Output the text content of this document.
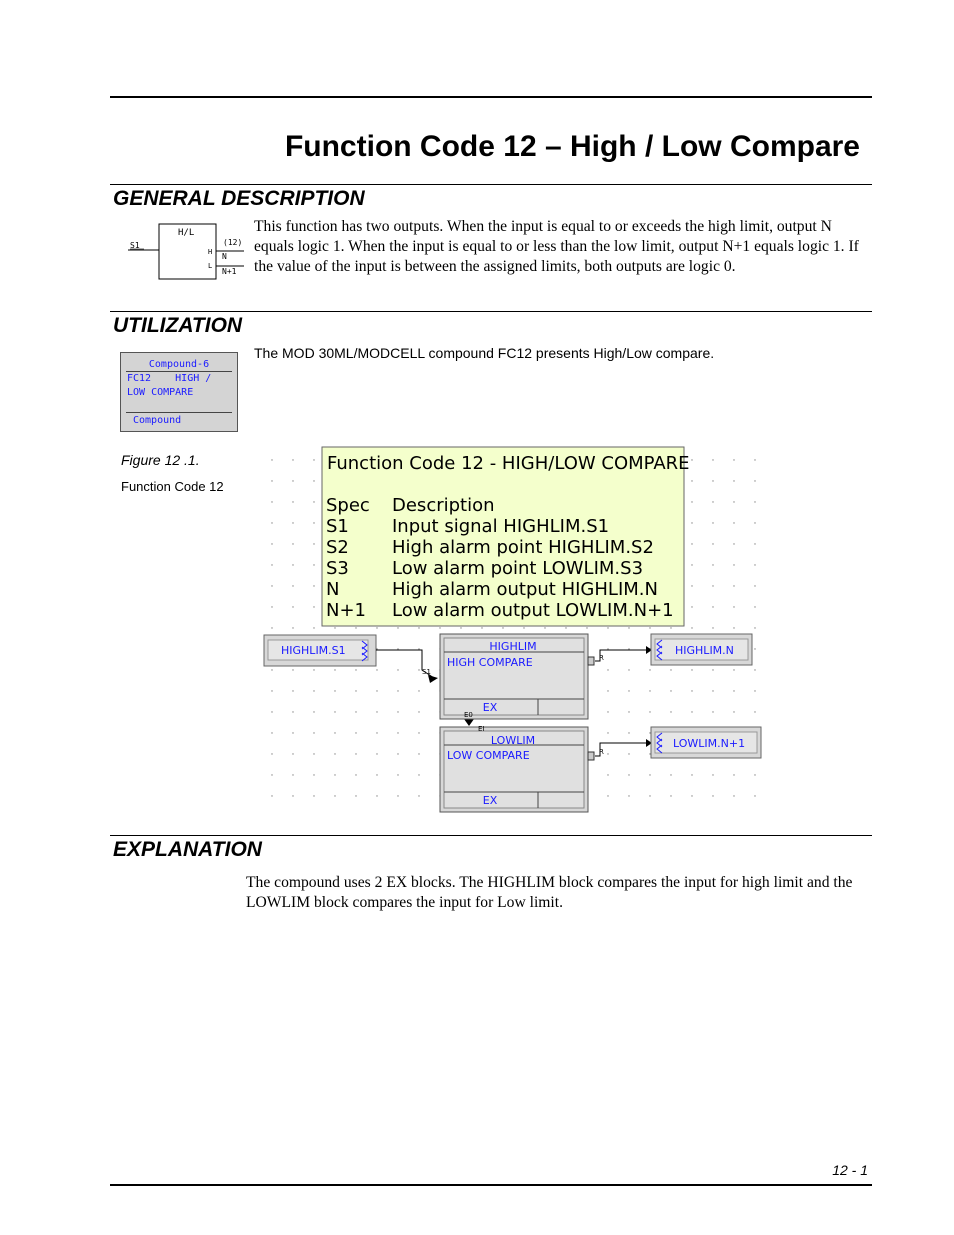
Function Code 12 – High / Low Compare
GENERAL DESCRIPTION
H/L
(12)
S1
H
L
N
N+1
This function has two outputs. When the input is equal to or exceeds the high limit, output N equals logic 1. When the input is equal to or less than the low limit, output N+1 equals logic 1. If the value of the input is between the assigned limits, both outputs are logic 0.
UTILIZATION
The MOD 30ML/MODCELL compound FC12 presents High/Low compare.
Compound-6
FC12    HIGH /
LOW COMPARE
Compound
Figure 12 .1.
Function Code 12
Function Code 12 - HIGH/LOW COMPARE
Spec Description
S1 Input signal HIGHLIM.S1
S2 High alarm point HIGHLIM.S2
S3 Low alarm point LOWLIM.S3
N	High alarm output HIGHLIM.N
N+1 Low alarm output LOWLIM.N+1
HIGHLIM.S1	HIGHLIM
HIGH COMPARE
EX
R
S1
E0
LOWLIM
LOW COMPARE
EX
R
EI
HIGHLIM.N
LOWLIM.N+1
EXPLANATION
The compound uses 2 EX blocks. The HIGHLIM block compares the input for high limit and the LOWLIM block compares the input for Low limit.
12 - 1
